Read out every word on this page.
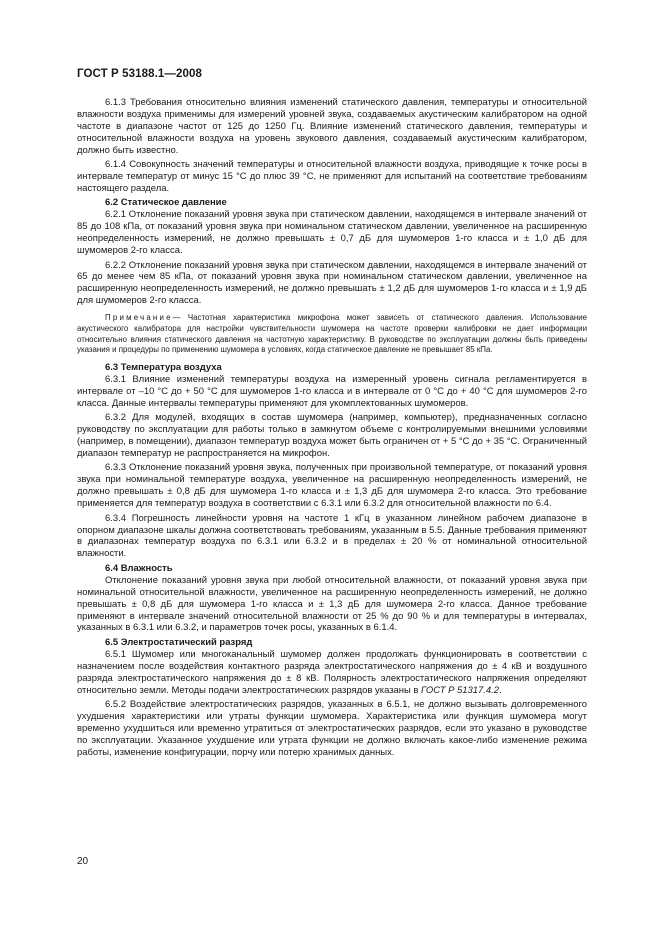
ГОСТ Р 53188.1—2008

6.1.3 Требования относительно влияния изменений статического давления, температуры и относительной влажности воздуха применимы для измерений уровней звука, создаваемых акустическим калибратором на одной частоте в диапазоне частот от 125 до 1250 Гц. Влияние изменений статического давления, температуры и относительной влажности воздуха на уровень звукового давления, создаваемый акустическим калибратором, должно быть известно.

6.1.4 Совокупность значений температуры и относительной влажности воздуха, приводящие к точке росы в интервале температур от минус 15 °С до плюс 39 °С, не применяют для испытаний на соответствие требованиям настоящего раздела.

6.2 Статическое давление

6.2.1 Отклонение показаний уровня звука при статическом давлении, находящемся в интервале значений от 85 до 108 кПа, от показаний уровня звука при номинальном статическом давлении, увеличенное на расширенную неопределенность измерений, не должно превышать ± 0,7 дБ для шумомеров 1-го класса и ± 1,0 дБ для шумомеров 2-го класса.

6.2.2 Отклонение показаний уровня звука при статическом давлении, находящемся в интервале значений от 65 до менее чем 85 кПа, от показаний уровня звука при номинальном статическом давлении, увеличенное на расширенную неопределенность измерений, не должно превышать ± 1,2 дБ для шумомеров 1-го класса и ± 1,9 дБ для шумомеров 2-го класса.

Примечание— Частотная характеристика микрофона может зависеть от статического давления. Использование акустического калибратора для настройки чувствительности шумомера на частоте проверки калибровки не дает информации относительно влияния статического давления на частотную характеристику. В руководстве по эксплуатации должны быть приведены указания и процедуры по применению шумомера в условиях, когда статическое давление не превышает 85 кПа.

6.3 Температура воздуха

6.3.1 Влияние изменений температуры воздуха на измеренный уровень сигнала регламентируется в интервале от –10 °С до + 50 °С для шумомеров 1-го класса и в интервале от 0 °С до + 40 °С для шумомеров 2-го класса. Данные интервалы температуры применяют для укомплектованных шумомеров.

6.3.2 Для модулей, входящих в состав шумомера (например, компьютер), предназначенных согласно руководству по эксплуатации для работы только в замкнутом объеме с контролируемыми внешними условиями (например, в помещении), диапазон температур воздуха может быть ограничен от + 5 °С до + 35 °С. Ограниченный диапазон температур не распространяется на микрофон.

6.3.3 Отклонение показаний уровня звука, полученных при произвольной температуре, от показаний уровня звука при номинальной температуре воздуха, увеличенное на расширенную неопределенность измерений, не должно превышать ± 0,8 дБ для шумомера 1-го класса и ± 1,3 дБ для шумомера 2-го класса. Это требование применяется для температур воздуха в соответствии с 6.3.1 или 6.3.2 для относительной влажности по 6.4.

6.3.4 Погрешность линейности уровня на частоте 1 кГц в указанном линейном рабочем диапазоне в опорном диапазоне шкалы должна соответствовать требованиям, указанным в 5.5. Данные требования применяют в диапазонах температур воздуха по 6.3.1 или 6.3.2 и в пределах ± 20 % от номинальной относительной влажности.

6.4 Влажность

Отклонение показаний уровня звука при любой относительной влажности, от показаний уровня звука при номинальной относительной влажности, увеличенное на расширенную неопределенность измерений, не должно превышать ± 0,8 дБ для шумомера 1-го класса и ± 1,3 дБ для шумомера 2-го класса. Данное требование применяют в интервале значений относительной влажности от 25 % до 90 % и для температуры в интервалах, указанных в 6.3.1 или 6.3.2, и параметров точек росы, указанных в 6.1.4.

6.5 Электростатический разряд

6.5.1 Шумомер или многоканальный шумомер должен продолжать функционировать в соответствии с назначением после воздействия контактного разряда электростатического напряжения до ± 4 кВ и воздушного разряда электростатического напряжения до ± 8 кВ. Полярность электростатического напряжения определяют относительно земли. Методы подачи электростатических разрядов указаны в ГОСТ Р 51317.4.2.

6.5.2 Воздействие электростатических разрядов, указанных в 6.5.1, не должно вызывать долговременного ухудшения характеристики или утраты функции шумомера. Характеристика или функция шумомера могут временно ухудшиться или временно утратиться от электростатических разрядов, если это указано в руководстве по эксплуатации. Указанное ухудшение или утрата функции не должно включать какое-либо изменение режима работы, изменение конфигурации, порчу или потерю хранимых данных.

20
